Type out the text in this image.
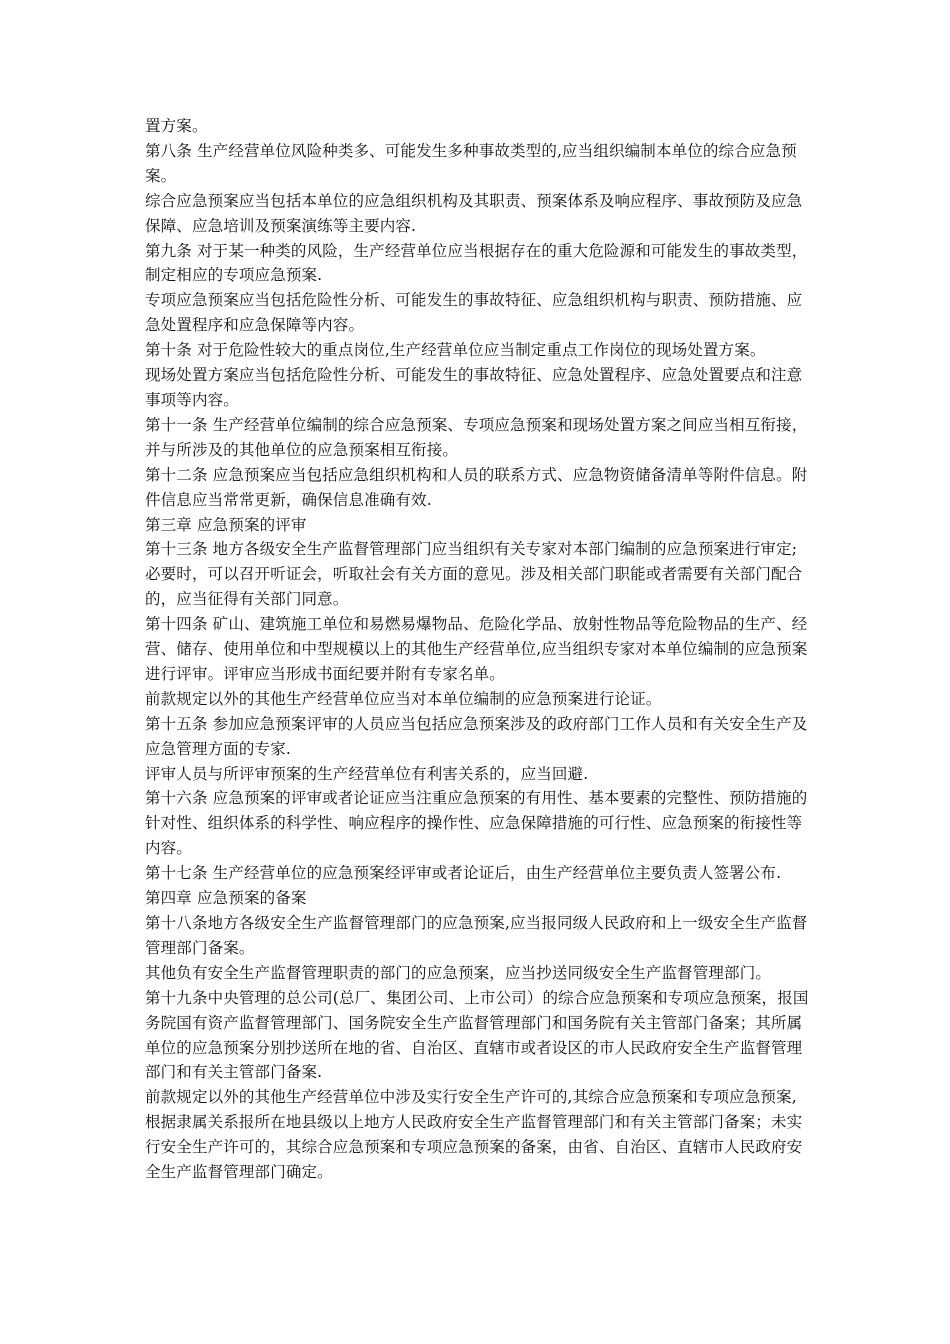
置方案。

第八条 生产经营单位风险种类多、可能发生多种事故类型的,应当组织编制本单位的综合应急预案。

综合应急预案应当包括本单位的应急组织机构及其职责、预案体系及响应程序、事故预防及应急保障、应急培训及预案演练等主要内容.

第九条 对于某一种类的风险，生产经营单位应当根据存在的重大危险源和可能发生的事故类型，制定相应的专项应急预案.

专项应急预案应当包括危险性分析、可能发生的事故特征、应急组织机构与职责、预防措施、应急处置程序和应急保障等内容。

第十条 对于危险性较大的重点岗位,生产经营单位应当制定重点工作岗位的现场处置方案。

现场处置方案应当包括危险性分析、可能发生的事故特征、应急处置程序、应急处置要点和注意事项等内容。

第十一条 生产经营单位编制的综合应急预案、专项应急预案和现场处置方案之间应当相互衔接，并与所涉及的其他单位的应急预案相互衔接。

第十二条 应急预案应当包括应急组织机构和人员的联系方式、应急物资储备清单等附件信息。附件信息应当常常更新，确保信息准确有效.

第三章 应急预案的评审

第十三条 地方各级安全生产监督管理部门应当组织有关专家对本部门编制的应急预案进行审定;必要时，可以召开听证会，听取社会有关方面的意见。涉及相关部门职能或者需要有关部门配合的，应当征得有关部门同意。

第十四条 矿山、建筑施工单位和易燃易爆物品、危险化学品、放射性物品等危险物品的生产、经营、储存、使用单位和中型规模以上的其他生产经营单位,应当组织专家对本单位编制的应急预案进行评审。评审应当形成书面纪要并附有专家名单。

前款规定以外的其他生产经营单位应当对本单位编制的应急预案进行论证。

第十五条 参加应急预案评审的人员应当包括应急预案涉及的政府部门工作人员和有关安全生产及应急管理方面的专家.

评审人员与所评审预案的生产经营单位有利害关系的，应当回避.

第十六条 应急预案的评审或者论证应当注重应急预案的有用性、基本要素的完整性、预防措施的针对性、组织体系的科学性、响应程序的操作性、应急保障措施的可行性、应急预案的衔接性等内容。

第十七条 生产经营单位的应急预案经评审或者论证后，由生产经营单位主要负责人签署公布.

第四章 应急预案的备案

第十八条地方各级安全生产监督管理部门的应急预案,应当报同级人民政府和上一级安全生产监督管理部门备案。

其他负有安全生产监督管理职责的部门的应急预案，应当抄送同级安全生产监督管理部门。

第十九条中央管理的总公司(总厂、集团公司、上市公司）的综合应急预案和专项应急预案，报国务院国有资产监督管理部门、国务院安全生产监督管理部门和国务院有关主管部门备案；其所属单位的应急预案分别抄送所在地的省、自治区、直辖市或者设区的市人民政府安全生产监督管理部门和有关主管部门备案.

前款规定以外的其他生产经营单位中涉及实行安全生产许可的,其综合应急预案和专项应急预案,根据隶属关系报所在地县级以上地方人民政府安全生产监督管理部门和有关主管部门备案；未实行安全生产许可的，其综合应急预案和专项应急预案的备案，由省、自治区、直辖市人民政府安全生产监督管理部门确定。
